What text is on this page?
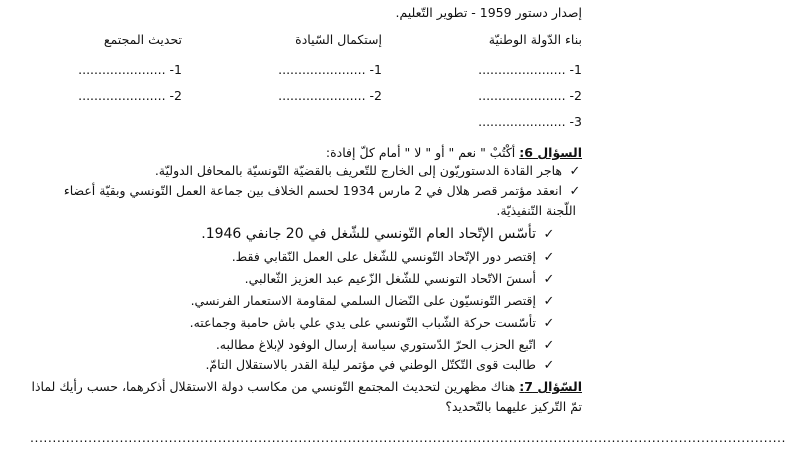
إصدار دستور 1959 - تطوير التّعليم.
بناء الدّولة الوطنيّة
إستكمال السّيادة
تحديث المجتمع
1- ......................
1- ......................
1- ......................
2- ......................
2- ......................
2- ......................
3- ......................
السؤال 6: أكْتُبْ " نعم " أو " لا " أمام كلّ إفادة:
✓هاجر القادة الدستوريّون إلى الخارج للتّعريف بالقضيّة التّونسيّة بالمحافل الدوليّة.
✓انعقد مؤتمر قصر هلال في 2 مارس 1934 لحسم الخلاف بين جماعة العمل التّونسي وبقيّة أعضاء
اللّجنة التّنفيذيّة.
✓تأسّس الإتّحاد العام التّونسي للشّغل في 20 جانفي 1946.
✓إقتصر دور الإتّحاد التّونسي للشّغل على العمل النّقابي فقط.
✓أسسَ الاتّحاد التونسي للشّغل الزّعيم عبد العزيز الثّعالبي.
✓إقتصر التّونسيّون على النّضال السلمي لمقاومة الاستعمار الفرنسي.
✓تأسّست حركة الشّباب التّونسي على يدي علي باش حامبة وجماعته.
✓اتّبع الحزب الحرّ الدّستوري سياسة إرسال الوفود لإبلاغ مطالبه.
✓طالبت قوى التّكتّل الوطني في مؤتمر ليلة القدر بالاستقلال التامّ.
السّؤال 7: هناك مظهرين لتحديث المجتمع التّونسي من مكاسب دولة الاستقلال أذكرهما، حسب رأيك لماذا
تمّ التّركيز عليهما بالتّحديد؟
.........................................................................................................................................................................
